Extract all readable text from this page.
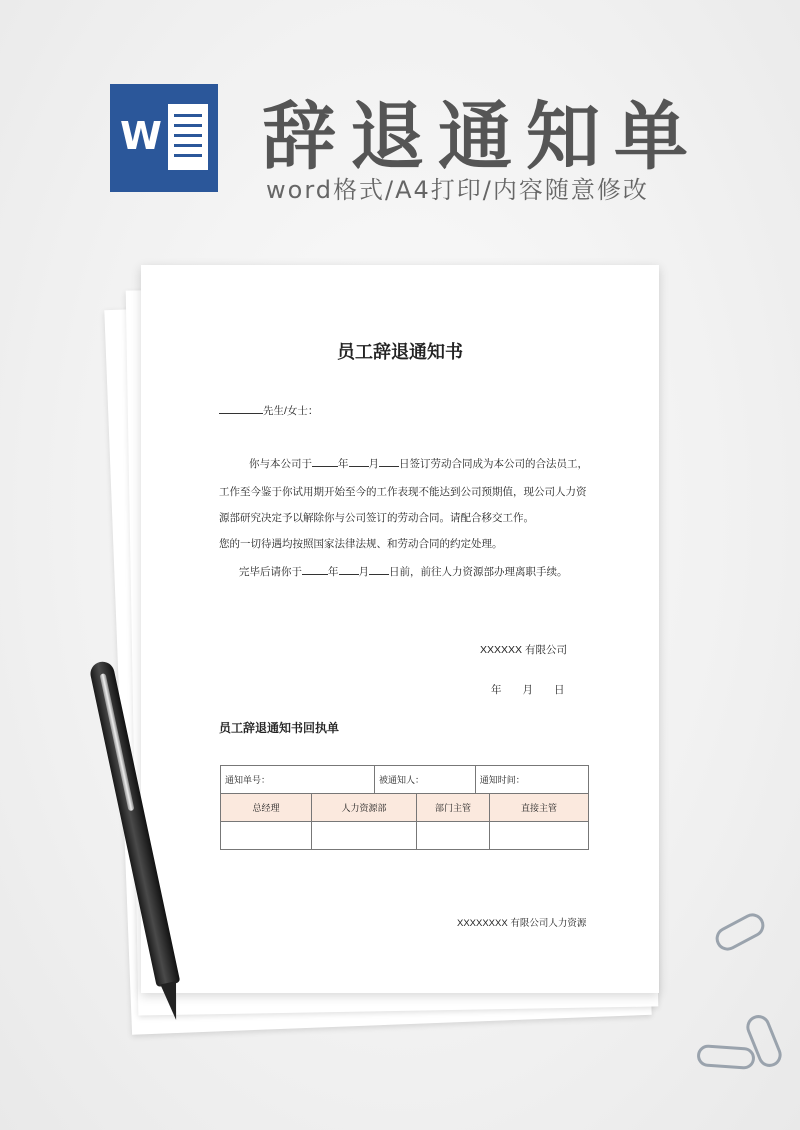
W 辞退通知单
word格式/A4打印/内容随意修改
员工辞退通知书
先生/女士：
你与本公司于 年 月 日签订劳动合同成为本公司的合法员工，
工作至今鉴于你试用期开始至今的工作表现不能达到公司预期值，现公司人力资
源部研究决定予以解除你与公司签订的劳动合同。请配合移交工作。
您的一切待遇均按照国家法律法规、和劳动合同的约定处理。
完毕后请你于 年 月 日前，前往人力资源部办理离职手续。
XXXXXX 有限公司
年　　月　　日
员工辞退通知书回执单
通知单号：		被通知人：		通知时间：	
总经理	人力资源部		部门主管		直接主管

XXXXXXXX 有限公司人力资源
